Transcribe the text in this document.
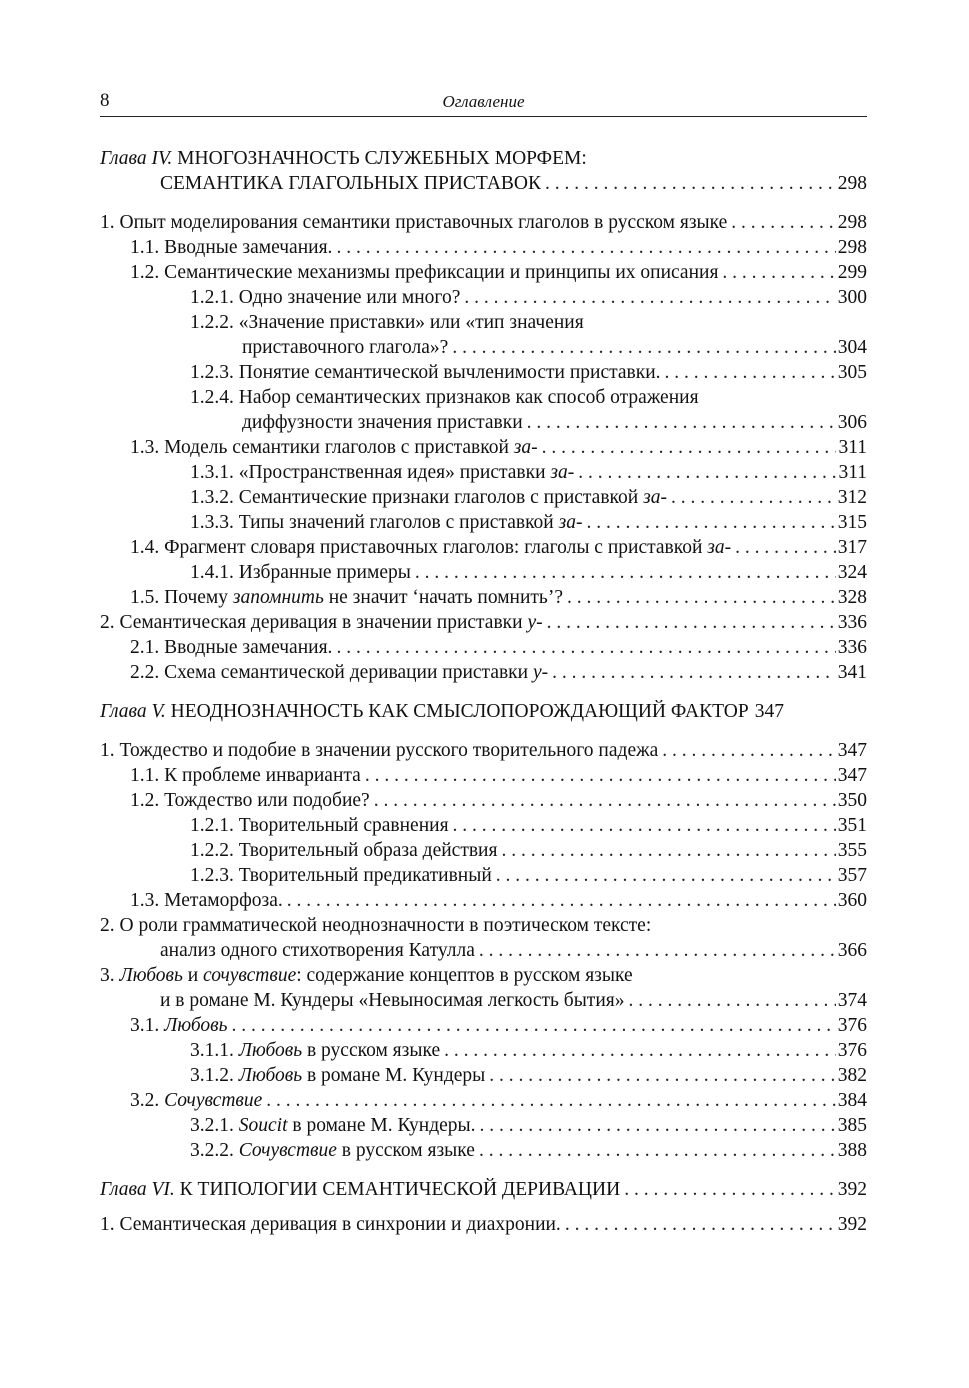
8	Оглавление
Глава IV. МНОГОЗНАЧНОСТЬ СЛУЖЕБНЫХ МОРФЕМ:
СЕМАНТИКА ГЛАГОЛЬНЫХ ПРИСТАВОК . . .	298
1. Опыт моделирования семантики приставочных глаголов в русском языке . . .	298
1.1. Вводные замечания. . . .	298
1.2. Семантические механизмы префиксации и принципы их описания . . .	299
1.2.1. Одно значение или много? . . .	300
1.2.2. «Значение приставки» или «тип значения
приставочного глагола»? . . .	304
1.2.3. Понятие семантической вычленимости приставки. . . .	305
1.2.4. Набор семантических признаков как способ отражения
диффузности значения приставки . . .	306
1.3. Модель семантики глаголов с приставкой за- . . .	311
1.3.1. «Пространственная идея» приставки за- . . .	311
1.3.2. Семантические признаки глаголов с приставкой за- . . .	312
1.3.3. Типы значений глаголов с приставкой за- . . .	315
1.4. Фрагмент словаря приставочных глаголов: глаголы с приставкой за- . . .	317
1.4.1. Избранные примеры . . .	324
1.5. Почему запомнить не значит ‘начать помнить’? . . .	328
2. Семантическая деривация в значении приставки у- . . .	336
2.1. Вводные замечания. . . .	336
2.2. Схема семантической деривации приставки у- . . .	341
Глава V. НЕОДНОЗНАЧНОСТЬ КАК СМЫСЛОПОРОЖДАЮЩИЙ ФАКТОР 347
1. Тождество и подобие в значении русского творительного падежа . . .	347
1.1. К проблеме инварианта . . .	347
1.2. Тождество или подобие? . . .	350
1.2.1. Творительный сравнения . . .	351
1.2.2. Творительный образа действия . . .	355
1.2.3. Творительный предикативный . . .	357
1.3. Метаморфоза. . . .	360
2. О роли грамматической неоднозначности в поэтическом тексте:
анализ одного стихотворения Катулла . . .	366
3. Любовь и сочувствие: содержание концептов в русском языке
и в романе М. Кундеры «Невыносимая легкость бытия» . . .	374
3.1. Любовь . . .	376
3.1.1. Любовь в русском языке . . .	376
3.1.2. Любовь в романе М. Кундеры . . .	382
3.2. Сочувствие . . .	384
3.2.1. Soucit в романе М. Кундеры. . . .	385
3.2.2. Сочувствие в русском языке . . .	388
Глава VI. К ТИПОЛОГИИ СЕМАНТИЧЕСКОЙ ДЕРИВАЦИИ . . .	392
1. Семантическая деривация в синхронии и диахронии. . . .	392
